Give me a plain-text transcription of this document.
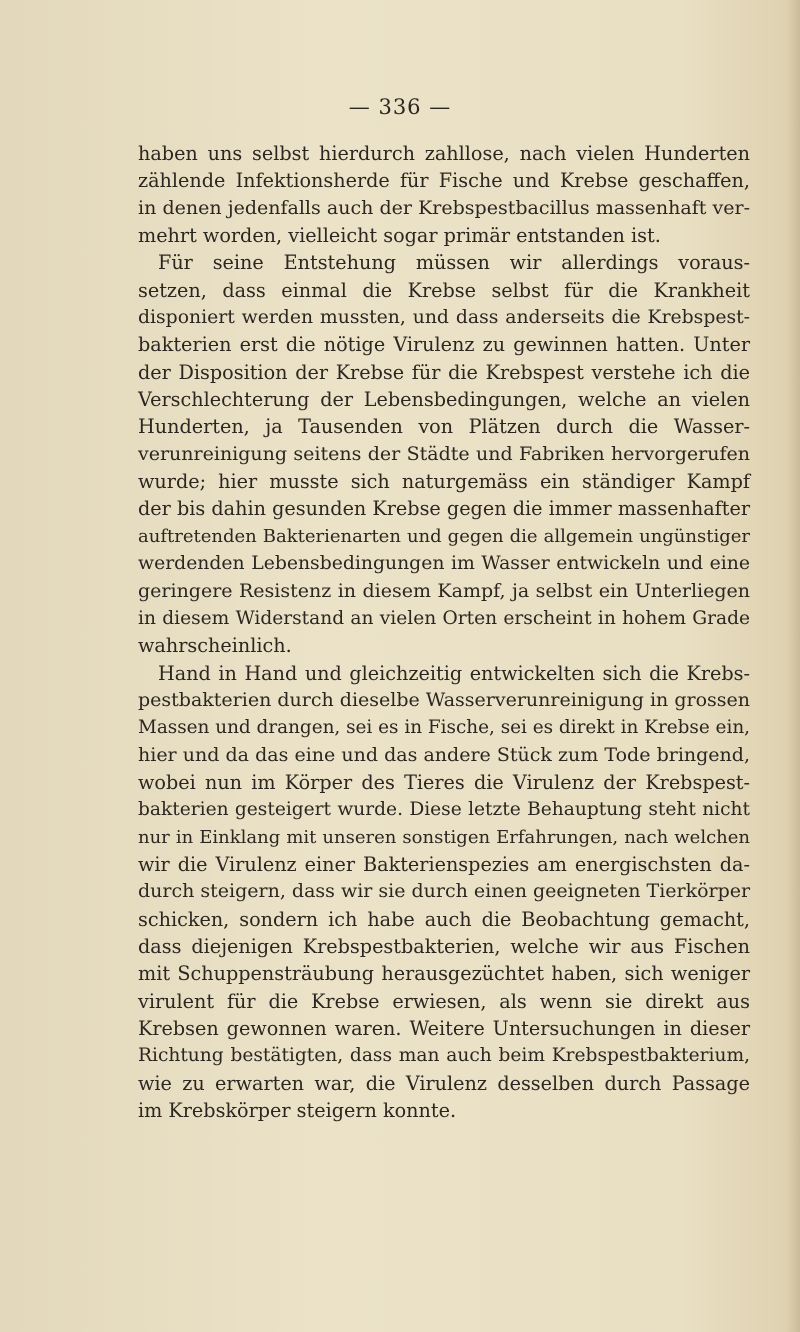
— 336 —
haben uns selbst hierdurch zahllose, nach vielen Hunderten
zählende Infektionsherde für Fische und Krebse geschaffen,
in denen jedenfalls auch der Krebspestbacillus massenhaft ver-
mehrt worden, vielleicht sogar primär entstanden ist.
Für seine Entstehung müssen wir allerdings voraus-
setzen, dass einmal die Krebse selbst für die Krankheit
disponiert werden mussten, und dass anderseits die Krebspest-
bakterien erst die nötige Virulenz zu gewinnen hatten. Unter
der Disposition der Krebse für die Krebspest verstehe ich die
Verschlechterung der Lebensbedingungen, welche an vielen
Hunderten, ja Tausenden von Plätzen durch die Wasser-
verunreinigung seitens der Städte und Fabriken hervorgerufen
wurde; hier musste sich naturgemäss ein ständiger Kampf
der bis dahin gesunden Krebse gegen die immer massenhafter
auftretenden Bakterienarten und gegen die allgemein ungünstiger
werdenden Lebensbedingungen im Wasser entwickeln und eine
geringere Resistenz in diesem Kampf, ja selbst ein Unterliegen
in diesem Widerstand an vielen Orten erscheint in hohem Grade
wahrscheinlich.
Hand in Hand und gleichzeitig entwickelten sich die Krebs-
pestbakterien durch dieselbe Wasserverunreinigung in grossen
Massen und drangen, sei es in Fische, sei es direkt in Krebse ein,
hier und da das eine und das andere Stück zum Tode bringend,
wobei nun im Körper des Tieres die Virulenz der Krebspest-
bakterien gesteigert wurde. Diese letzte Behauptung steht nicht
nur in Einklang mit unseren sonstigen Erfahrungen, nach welchen
wir die Virulenz einer Bakterienspezies am energischsten da-
durch steigern, dass wir sie durch einen geeigneten Tierkörper
schicken, sondern ich habe auch die Beobachtung gemacht,
dass diejenigen Krebspestbakterien, welche wir aus Fischen
mit Schuppensträubung herausgezüchtet haben, sich weniger
virulent für die Krebse erwiesen, als wenn sie direkt aus
Krebsen gewonnen waren. Weitere Untersuchungen in dieser
Richtung bestätigten, dass man auch beim Krebspestbakterium,
wie zu erwarten war, die Virulenz desselben durch Passage
im Krebskörper steigern konnte.
